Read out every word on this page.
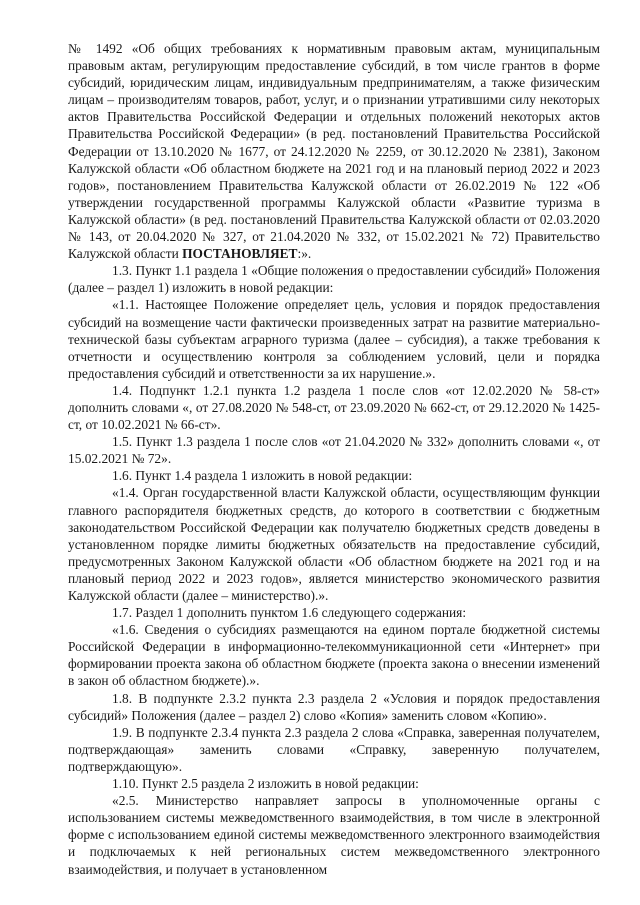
№ 1492 «Об общих требованиях к нормативным правовым актам, муниципальным правовым актам, регулирующим предоставление субсидий, в том числе грантов в форме субсидий, юридическим лицам, индивидуальным предпринимателям, а также физическим лицам – производителям товаров, работ, услуг, и о признании утратившими силу некоторых актов Правительства Российской Федерации и отдельных положений некоторых актов Правительства Российской Федерации» (в ред. постановлений Правительства Российской Федерации от 13.10.2020 № 1677, от 24.12.2020 № 2259, от 30.12.2020 № 2381), Законом Калужской области «Об областном бюджете на 2021 год и на плановый период 2022 и 2023 годов», постановлением Правительства Калужской области от 26.02.2019 № 122 «Об утверждении государственной программы Калужской области «Развитие туризма в Калужской области» (в ред. постановлений Правительства Калужской области от 02.03.2020 № 143, от 20.04.2020 № 327, от 21.04.2020 № 332, от 15.02.2021 № 72) Правительство Калужской области ПОСТАНОВЛЯЕТ:».

1.3. Пункт 1.1 раздела 1 «Общие положения о предоставлении субсидий» Положения (далее – раздел 1) изложить в новой редакции:

«1.1. Настоящее Положение определяет цель, условия и порядок предоставления субсидий на возмещение части фактически произведенных затрат на развитие материально-технической базы субъектам аграрного туризма (далее – субсидия), а также требования к отчетности и осуществлению контроля за соблюдением условий, цели и порядка предоставления субсидий и ответственности за их нарушение.».

1.4. Подпункт 1.2.1 пункта 1.2 раздела 1 после слов «от 12.02.2020 № 58-ст» дополнить словами «, от 27.08.2020 № 548-ст, от 23.09.2020 № 662-ст, от 29.12.2020 № 1425-ст, от 10.02.2021 № 66-ст».

1.5. Пункт 1.3 раздела 1 после слов «от 21.04.2020 № 332» дополнить словами «, от 15.02.2021 № 72».

1.6. Пункт 1.4 раздела 1 изложить в новой редакции:

«1.4. Орган государственной власти Калужской области, осуществляющим функции главного распорядителя бюджетных средств, до которого в соответствии с бюджетным законодательством Российской Федерации как получателю бюджетных средств доведены в установленном порядке лимиты бюджетных обязательств на предоставление субсидий, предусмотренных Законом Калужской области «Об областном бюджете на 2021 год и на плановый период 2022 и 2023 годов», является министерство экономического развития Калужской области (далее – министерство).».

1.7. Раздел 1 дополнить пунктом 1.6 следующего содержания:

«1.6. Сведения о субсидиях размещаются на едином портале бюджетной системы Российской Федерации в информационно-телекоммуникационной сети «Интернет» при формировании проекта закона об областном бюджете (проекта закона о внесении изменений в закон об областном бюджете).».

1.8. В подпункте 2.3.2 пункта 2.3 раздела 2 «Условия и порядок предоставления субсидий» Положения (далее – раздел 2) слово «Копия» заменить словом «Копию».

1.9. В подпункте 2.3.4 пункта 2.3 раздела 2 слова «Справка, заверенная получателем, подтверждающая» заменить словами «Справку, заверенную получателем, подтверждающую».

1.10. Пункт 2.5 раздела 2 изложить в новой редакции:

«2.5. Министерство направляет запросы в уполномоченные органы с использованием системы межведомственного взаимодействия, в том числе в электронной форме с использованием единой системы межведомственного электронного взаимодействия и подключаемых к ней региональных систем межведомственного электронного взаимодействия, и получает в установленном
